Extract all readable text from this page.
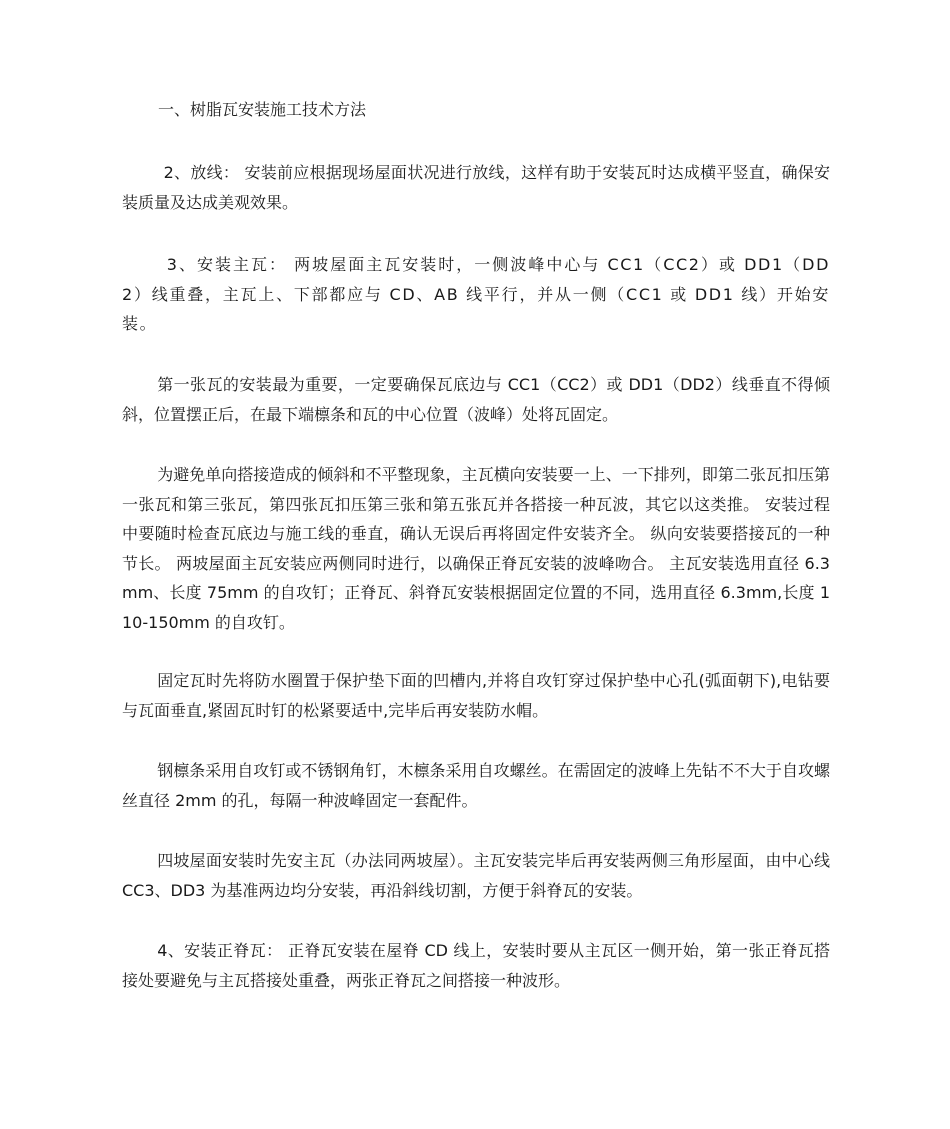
一、树脂瓦安装施工技术方法

2、放线： 安装前应根据现场屋面状况进行放线，这样有助于安装瓦时达成横平竖直，确保安装质量及达成美观效果。

3、安装主瓦： 两坡屋面主瓦安装时，一侧波峰中心与 CC1（CC2）或 DD1（DD2）线重叠，主瓦上、下部都应与 CD、AB 线平行，并从一侧（CC1 或 DD1 线）开始安装。

第一张瓦的安装最为重要，一定要确保瓦底边与 CC1（CC2）或 DD1（DD2）线垂直不得倾斜，位置摆正后，在最下端檩条和瓦的中心位置（波峰）处将瓦固定。

为避免单向搭接造成的倾斜和不平整现象，主瓦横向安装要一上、一下排列，即第二张瓦扣压第一张瓦和第三张瓦，第四张瓦扣压第三张和第五张瓦并各搭接一种瓦波，其它以这类推。 安装过程中要随时检查瓦底边与施工线的垂直，确认无误后再将固定件安装齐全。 纵向安装要搭接瓦的一种节长。 两坡屋面主瓦安装应两侧同时进行，以确保正脊瓦安装的波峰吻合。 主瓦安装选用直径 6.3mm、长度 75mm 的自攻钉；正脊瓦、斜脊瓦安装根据固定位置的不同，选用直径 6.3mm,长度 110-150mm 的自攻钉。

固定瓦时先将防水圈置于保护垫下面的凹槽内,并将自攻钉穿过保护垫中心孔(弧面朝下),电钻要与瓦面垂直,紧固瓦时钉的松紧要适中,完毕后再安装防水帽。

钢檩条采用自攻钉或不锈钢角钉，木檩条采用自攻螺丝。在需固定的波峰上先钻不不大于自攻螺丝直径 2mm 的孔，每隔一种波峰固定一套配件。

四坡屋面安装时先安主瓦（办法同两坡屋）。主瓦安装完毕后再安装两侧三角形屋面，由中心线 CC3、DD3 为基准两边均分安装，再沿斜线切割，方便于斜脊瓦的安装。

4、安装正脊瓦： 正脊瓦安装在屋脊 CD 线上，安装时要从主瓦区一侧开始，第一张正脊瓦搭接处要避免与主瓦搭接处重叠，两张正脊瓦之间搭接一种波形。
